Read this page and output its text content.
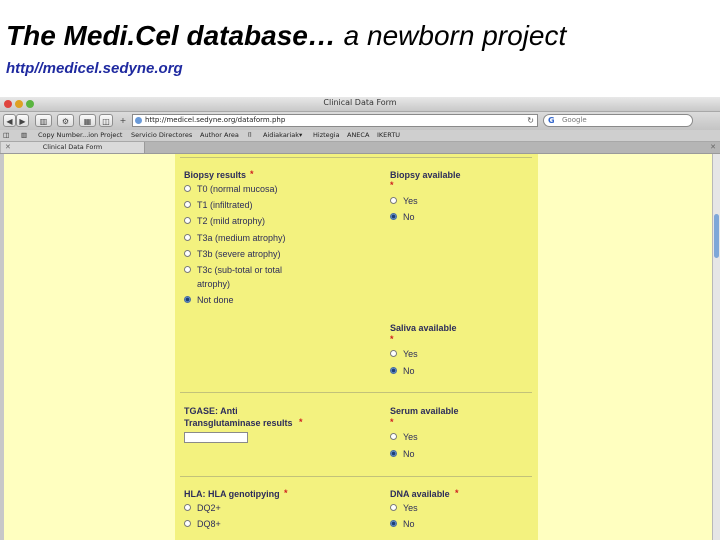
The Medi.Cel database… a newborn project
http//medicel.sedyne.org
Clinical Data Form
◀ ▶	▥	⚙	▦	◫	+	http://medicel.sedyne.org/dataform.php	↻ G Google
◫ ▥ Copy Number...ion Project Servicio Directores Author Area ⌷ Aidiakariak▾ Hiztegia ANECA IKERTU
✕	Clinical Data Form	✕
Biopsy results *
T0 (normal mucosa)
T1 (infiltrated)
T2 (mild atrophy)
T3a (medium atrophy)
T3b (severe atrophy)
T3c (sub-total or total
atrophy)
Not done
Biopsy available
*
Yes
No
Saliva available
*
Yes
No
TGASE: Anti
Transglutaminase results *
Serum available
*
Yes
No
HLA: HLA genotipying *
DQ2+
DQ8+
DNA available *
Yes
No
